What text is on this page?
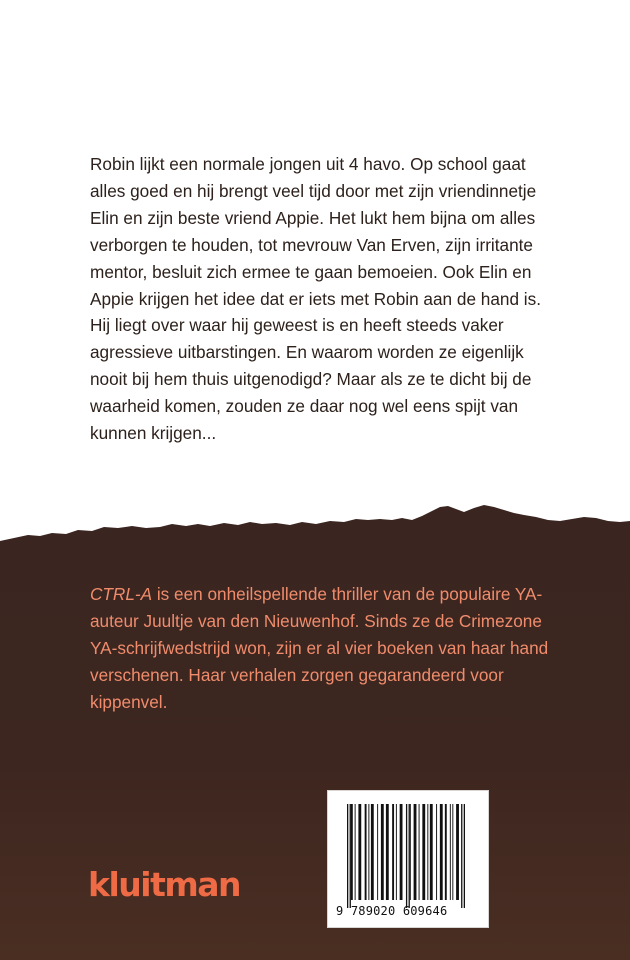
Robin lijkt een normale jongen uit 4 havo. Op school gaat alles goed en hij brengt veel tijd door met zijn vriendinnetje Elin en zijn beste vriend Appie. Het lukt hem bijna om alles verborgen te houden, tot mevrouw Van Erven, zijn irritante mentor, besluit zich ermee te gaan bemoeien. Ook Elin en Appie krijgen het idee dat er iets met Robin aan de hand is. Hij liegt over waar hij geweest is en heeft steeds vaker agressieve uitbarstingen. En waarom worden ze eigenlijk nooit bij hem thuis uitgenodigd? Maar als ze te dicht bij de waarheid komen, zouden ze daar nog wel eens spijt van kunnen krijgen...

CTRL-A is een onheilspellende thriller van de populaire YA-auteur Juultje van den Nieuwenhof. Sinds ze de Crimezone YA-schrijfwedstrijd won, zijn er al vier boeken van haar hand verschenen. Haar verhalen zorgen gegarandeerd voor kippenvel.

kluitman
9 789020 609646
